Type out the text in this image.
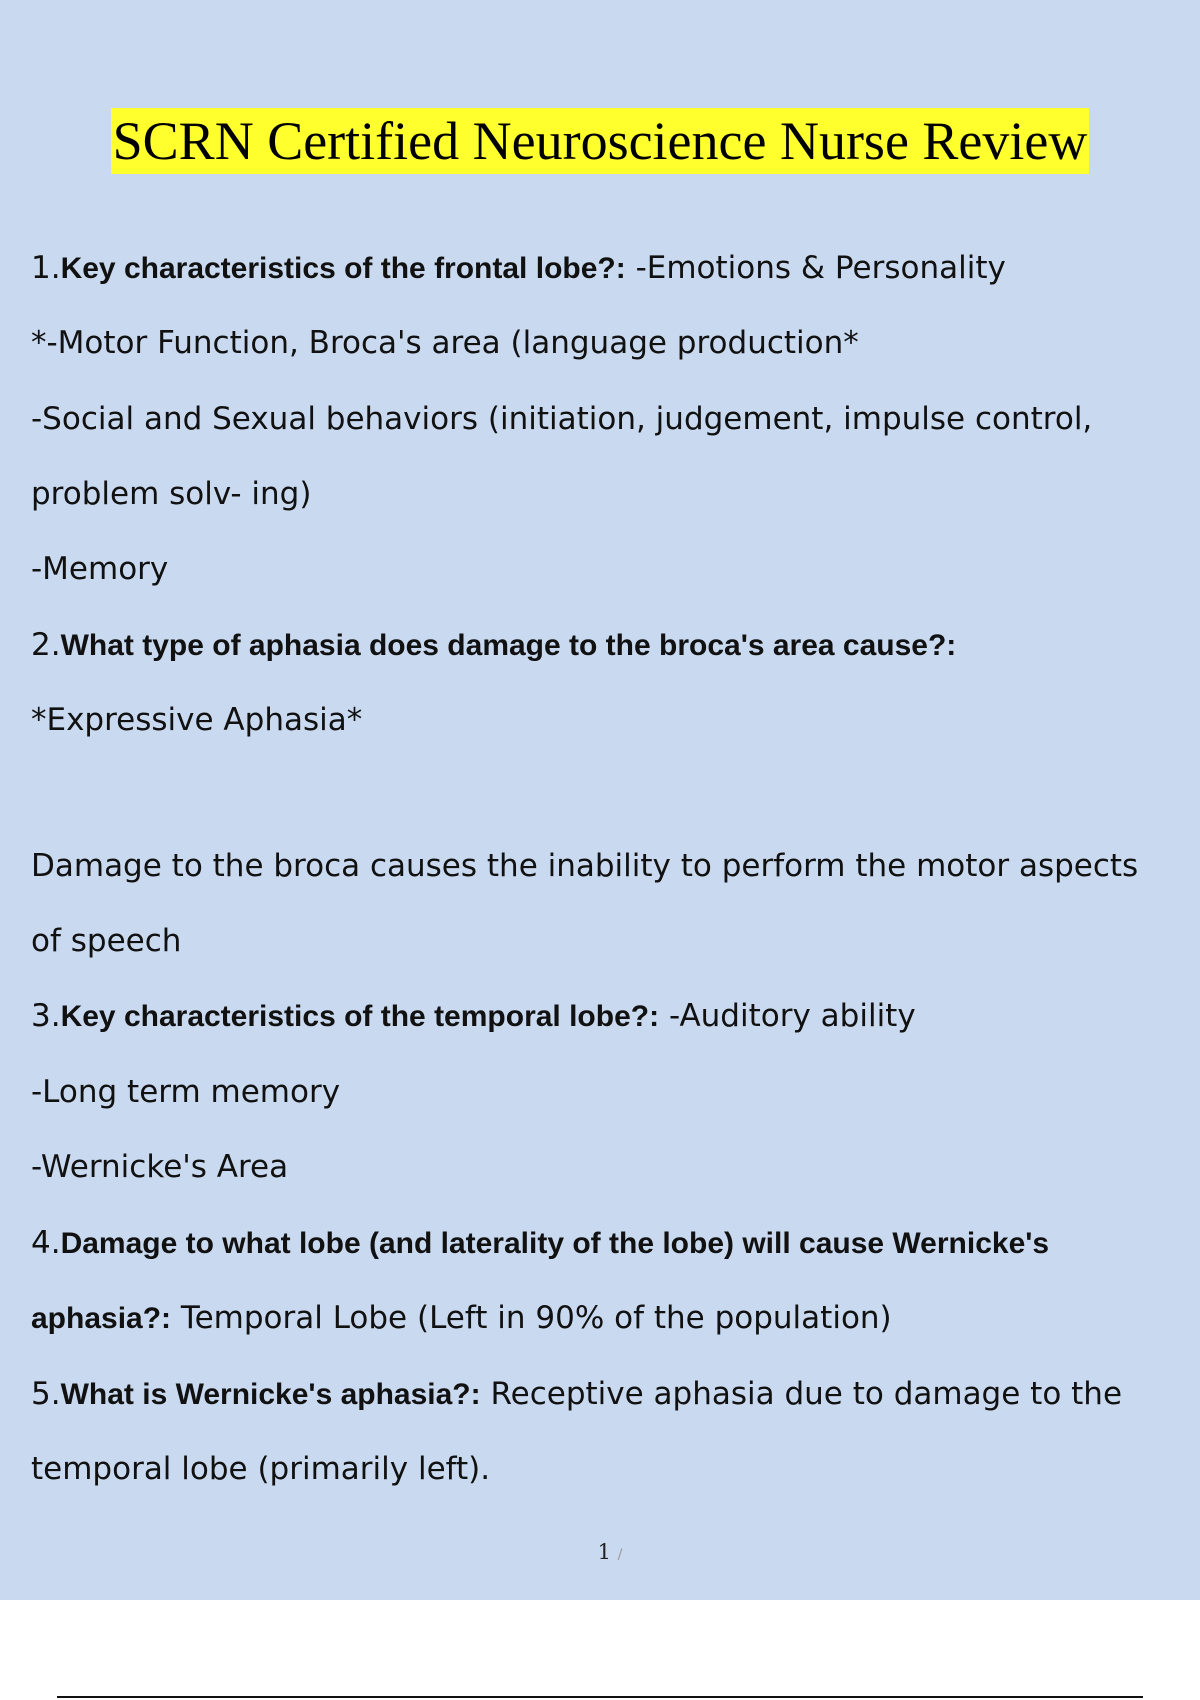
SCRN Certified Neuroscience Nurse Review
1.Key characteristics of the frontal lobe?: -Emotions & Personality
*-Motor Function, Broca's area (language production*
-Social and Sexual behaviors (initiation, judgement, impulse control,
problem solv- ing)
-Memory
2.What type of aphasia does damage to the broca's area cause?:
*Expressive Aphasia*
Damage to the broca causes the inability to perform the motor aspects
of speech
3.Key characteristics of the temporal lobe?: -Auditory ability
-Long term memory
-Wernicke's Area
4.Damage to what lobe (and laterality of the lobe) will cause Wernicke's
aphasia?: Temporal Lobe (Left in 90% of the population)
5.What is Wernicke's aphasia?: Receptive aphasia due to damage to the
temporal lobe (primarily left).
1 /
